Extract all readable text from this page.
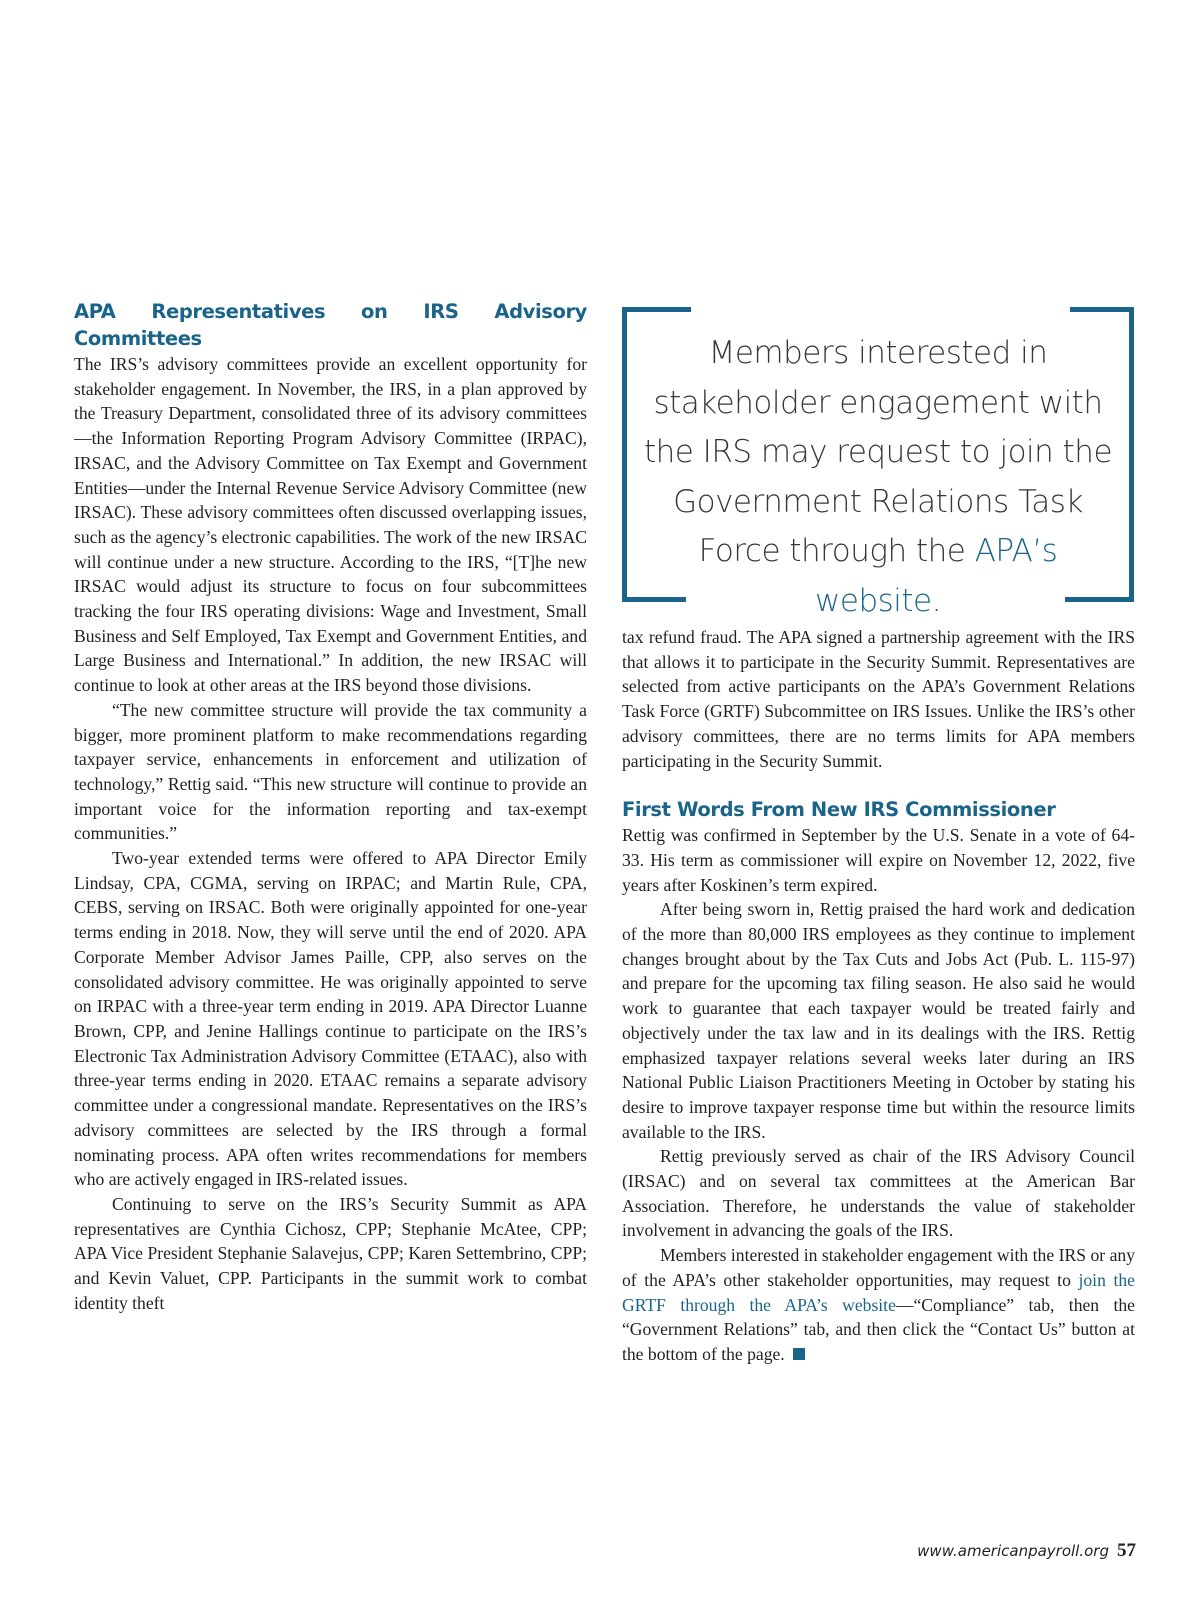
APA Representatives on IRS Advisory Committees

The IRS’s advisory committees provide an excellent opportunity for stakeholder engagement. In November, the IRS, in a plan approved by the Treasury Department, consolidated three of its advisory committees—the Information Reporting Program Advisory Committee (IRPAC), IRSAC, and the Advisory Committee on Tax Exempt and Government Entities—under the Internal Revenue Service Advisory Committee (new IRSAC). These advisory committees often discussed overlapping issues, such as the agency’s electronic capabilities. The work of the new IRSAC will continue under a new structure. According to the IRS, “[T]he new IRSAC would adjust its structure to focus on four subcommittees tracking the four IRS operating divisions: Wage and Investment, Small Business and Self Employed, Tax Exempt and Government Entities, and Large Business and International.” In addition, the new IRSAC will continue to look at other areas at the IRS beyond those divisions.

“The new committee structure will provide the tax community a bigger, more prominent platform to make recommendations regarding taxpayer service, enhancements in enforcement and utilization of technology,” Rettig said. “This new structure will continue to provide an important voice for the information reporting and tax-exempt communities.”

Two-year extended terms were offered to APA Director Emily Lindsay, CPA, CGMA, serving on IRPAC; and Martin Rule, CPA, CEBS, serving on IRSAC. Both were originally appointed for one-year terms ending in 2018. Now, they will serve until the end of 2020. APA Corporate Member Advisor James Paille, CPP, also serves on the consolidated advisory committee. He was originally appointed to serve on IRPAC with a three-year term ending in 2019. APA Director Luanne Brown, CPP, and Jenine Hallings continue to participate on the IRS’s Electronic Tax Administration Advisory Committee (ETAAC), also with three-year terms ending in 2020. ETAAC remains a separate advisory committee under a congressional mandate. Representatives on the IRS’s advisory committees are selected by the IRS through a formal nominating process. APA often writes recommendations for members who are actively engaged in IRS-related issues.

Continuing to serve on the IRS’s Security Summit as APA representatives are Cynthia Cichosz, CPP; Stephanie McAtee, CPP; APA Vice President Stephanie Salavejus, CPP; Karen Settembrino, CPP; and Kevin Valuet, CPP. Participants in the summit work to combat identity theft

Members interested in stakeholder engagement with the IRS may request to join the Government Relations Task Force through the APA’s website.

tax refund fraud. The APA signed a partnership agreement with the IRS that allows it to participate in the Security Summit. Representatives are selected from active participants on the APA’s Government Relations Task Force (GRTF) Subcommittee on IRS Issues. Unlike the IRS’s other advisory committees, there are no terms limits for APA members participating in the Security Summit.

First Words From New IRS Commissioner

Rettig was confirmed in September by the U.S. Senate in a vote of 64-33. His term as commissioner will expire on November 12, 2022, five years after Koskinen’s term expired.

After being sworn in, Rettig praised the hard work and dedication of the more than 80,000 IRS employees as they continue to implement changes brought about by the Tax Cuts and Jobs Act (Pub. L. 115-97) and prepare for the upcoming tax filing season. He also said he would work to guarantee that each taxpayer would be treated fairly and objectively under the tax law and in its dealings with the IRS. Rettig emphasized taxpayer relations several weeks later during an IRS National Public Liaison Practitioners Meeting in October by stating his desire to improve taxpayer response time but within the resource limits available to the IRS.

Rettig previously served as chair of the IRS Advisory Council (IRSAC) and on several tax committees at the American Bar Association. Therefore, he understands the value of stakeholder involvement in advancing the goals of the IRS.

Members interested in stakeholder engagement with the IRS or any of the APA’s other stakeholder opportunities, may request to join the GRTF through the APA’s website—“Compliance” tab, then the “Government Relations” tab, and then click the “Contact Us” button at the bottom of the page.

www.americanpayroll.org 57
